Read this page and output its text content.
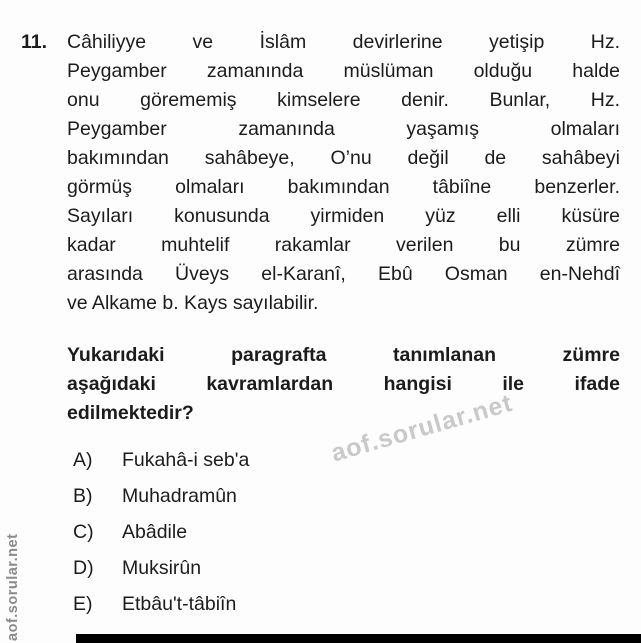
11. Câhiliyye ve İslâm devirlerine yetişip Hz.
Peygamber zamanında müslüman olduğu halde
onu görememiş kimselere denir. Bunlar, Hz.
Peygamber zamanında yaşamış olmaları
bakımından sahâbeye, O’nu değil de sahâbeyi
görmüş olmaları bakımından tâbiîne benzerler.
Sayıları konusunda yirmiden yüz elli küsüre
kadar muhtelif rakamlar verilen bu zümre
arasında Üveys el-Karanî, Ebû Osman en-Nehdî
ve Alkame b. Kays sayılabilir.
Yukarıdaki paragrafta tanımlanan zümre
aşağıdaki kavramlardan hangisi ile ifade
edilmektedir?
A)	Fukahâ-i seb'a
B)	Muhadramûn
C)	Abâdile
D)	Muksirûn
E)	Etbâu't-tâbiîn
aof.sorular.net
aof.sorular.net
